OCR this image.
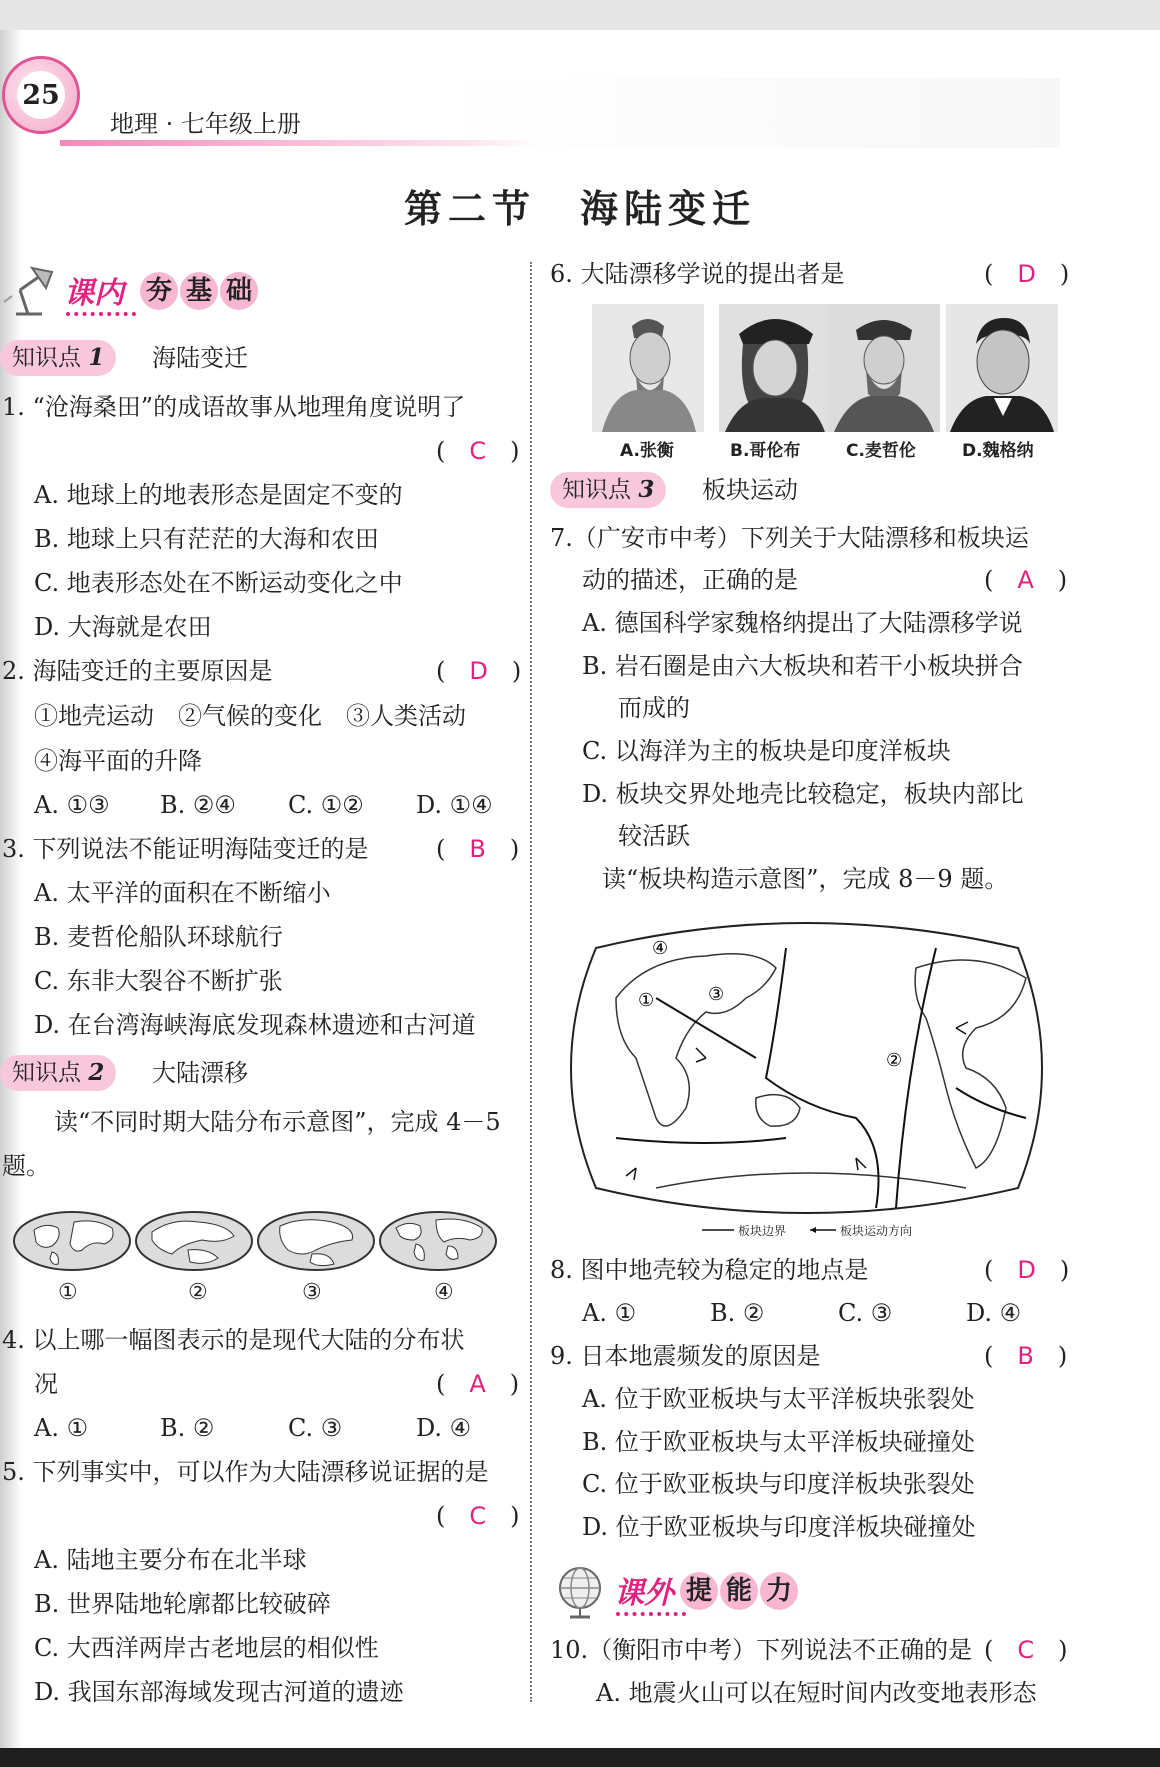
25
地理 · 七年级上册
第二节　海陆变迁
课内 夯 基 础
知识点 1	海陆变迁
1. “沧海桑田”的成语故事从地理角度说明了
(　C　)
A. 地球上的地表形态是固定不变的
B. 地球上只有茫茫的大海和农田
C. 地表形态处在不断运动变化之中
D. 大海就是农田
2. 海陆变迁的主要原因是	(　D　)
①地壳运动　②气候的变化　③人类活动
④海平面的升降
A. ①③ B. ②④ C. ①② D. ①④
3. 下列说法不能证明海陆变迁的是	(　B　)
A. 太平洋的面积在不断缩小
B. 麦哲伦船队环球航行
C. 东非大裂谷不断扩张
D. 在台湾海峡海底发现森林遗迹和古河道
知识点 2	大陆漂移
读“不同时期大陆分布示意图”，完成 4－5
题。
①	②	③	④
4. 以上哪一幅图表示的是现代大陆的分布状
况	(　A　)
A. ①	B. ②	C. ③	D. ④
5. 下列事实中，可以作为大陆漂移说证据的是
(　C　)
A. 陆地主要分布在北半球
B. 世界陆地轮廓都比较破碎
C. 大西洋两岸古老地层的相似性
D. 我国东部海域发现古河道的遗迹
6. 大陆漂移学说的提出者是	(　D　)
A.张衡	B.哥伦布	C.麦哲伦	D.魏格纳
知识点 3	板块运动
7.（广安市中考）下列关于大陆漂移和板块运
动的描述，正确的是	(　A　)
A. 德国科学家魏格纳提出了大陆漂移学说
B. 岩石圈是由六大板块和若干小板块拼合
而成的
C. 以海洋为主的板块是印度洋板块
D. 板块交界处地壳比较稳定，板块内部比
较活跃
读“板块构造示意图”，完成 8－9 题。
④
①	③
②
板块边界	板块运动方向
8. 图中地壳较为稳定的地点是	(　D　)
A. ①	B. ②	C. ③	D. ④
9. 日本地震频发的原因是	(　B　)
A. 位于欧亚板块与太平洋板块张裂处
B. 位于欧亚板块与太平洋板块碰撞处
C. 位于欧亚板块与印度洋板块张裂处
D. 位于欧亚板块与印度洋板块碰撞处
课外 提 能 力
10.（衡阳市中考）下列说法不正确的是 (　C　)
A. 地震火山可以在短时间内改变地表形态
